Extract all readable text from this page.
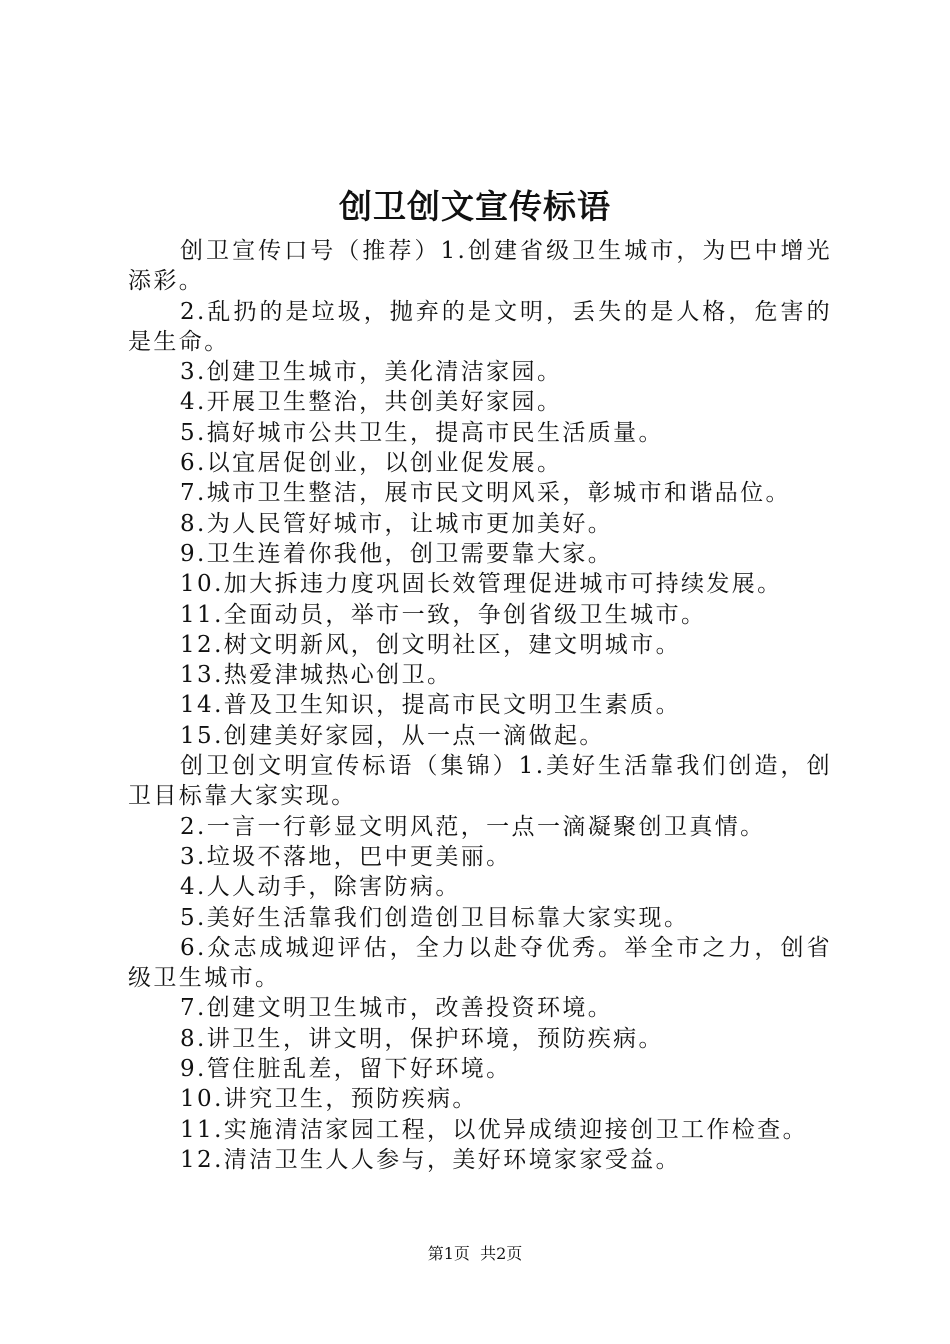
创卫创文宣传标语

创卫宣传口号（推荐）1.创建省级卫生城市，为巴中增光添彩。

2.乱扔的是垃圾，抛弃的是文明，丢失的是人格，危害的是生命。

3.创建卫生城市，美化清洁家园。

4.开展卫生整治，共创美好家园。

5.搞好城市公共卫生，提高市民生活质量。

6.以宜居促创业，以创业促发展。

7.城市卫生整洁，展市民文明风采，彰城市和谐品位。

8.为人民管好城市，让城市更加美好。

9.卫生连着你我他，创卫需要靠大家。

10.加大拆违力度巩固长效管理促进城市可持续发展。

11.全面动员，举市一致，争创省级卫生城市。

12.树文明新风，创文明社区，建文明城市。

13.热爱津城热心创卫。

14.普及卫生知识，提高市民文明卫生素质。

15.创建美好家园，从一点一滴做起。

创卫创文明宣传标语（集锦）1.美好生活靠我们创造，创卫目标靠大家实现。

2.一言一行彰显文明风范，一点一滴凝聚创卫真情。

3.垃圾不落地，巴中更美丽。

4.人人动手，除害防病。

5.美好生活靠我们创造创卫目标靠大家实现。

6.众志成城迎评估，全力以赴夺优秀。举全市之力，创省级卫生城市。

7.创建文明卫生城市，改善投资环境。

8.讲卫生，讲文明，保护环境，预防疾病。

9.管住脏乱差，留下好环境。

10.讲究卫生，预防疾病。

11.实施清洁家园工程，以优异成绩迎接创卫工作检查。

12.清洁卫生人人参与，美好环境家家受益。

第1页 共2页
